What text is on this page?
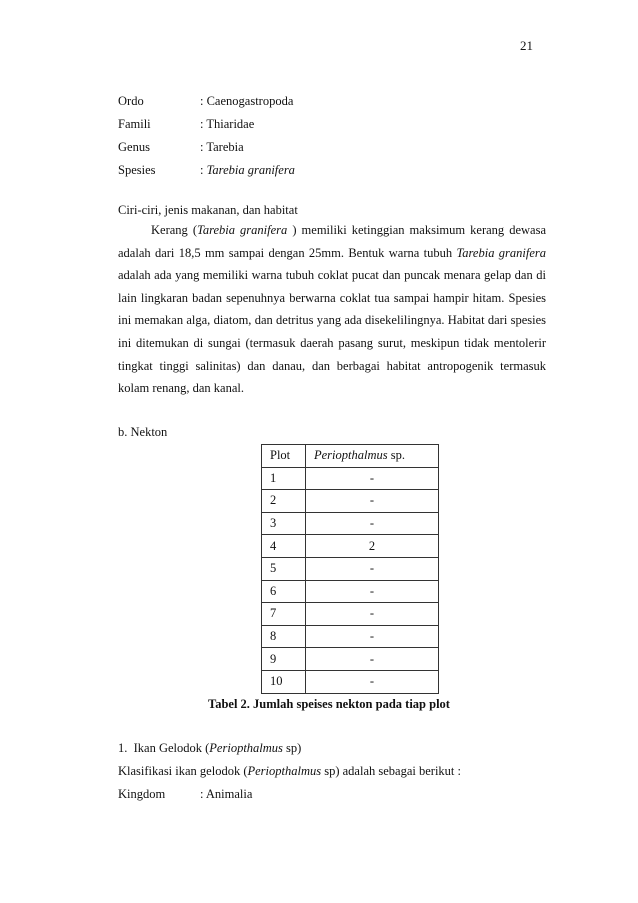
21
Ordo	: Caenogastropoda
Famili	: Thiaridae
Genus	: Tarebia
Spesies	: Tarebia granifera
Ciri-ciri, jenis makanan, dan habitat

Kerang (Tarebia granifera ) memiliki ketinggian maksimum kerang dewasa adalah dari 18,5 mm sampai dengan 25mm. Bentuk warna tubuh Tarebia granifera adalah ada yang memiliki warna tubuh coklat pucat dan puncak menara gelap dan di lain lingkaran badan sepenuhnya berwarna coklat tua sampai hampir hitam. Spesies ini memakan alga, diatom, dan detritus yang ada disekelilingnya. Habitat dari spesies ini ditemukan di sungai (termasuk daerah pasang surut, meskipun tidak mentolerir tingkat tinggi salinitas) dan danau, dan berbagai habitat antropogenik termasuk kolam renang, dan kanal.

b. Nekton
Plot	Periopthalmus sp.
1	-
2	-
3	-
4	2
5	-
6	-
7	-
8	-
9	-
10	-
Tabel 2. Jumlah speises nekton pada tiap plot
1.  Ikan Gelodok (Periopthalmus sp)
Klasifikasi ikan gelodok (Periopthalmus sp) adalah sebagai berikut :
Kingdom	: Animalia
